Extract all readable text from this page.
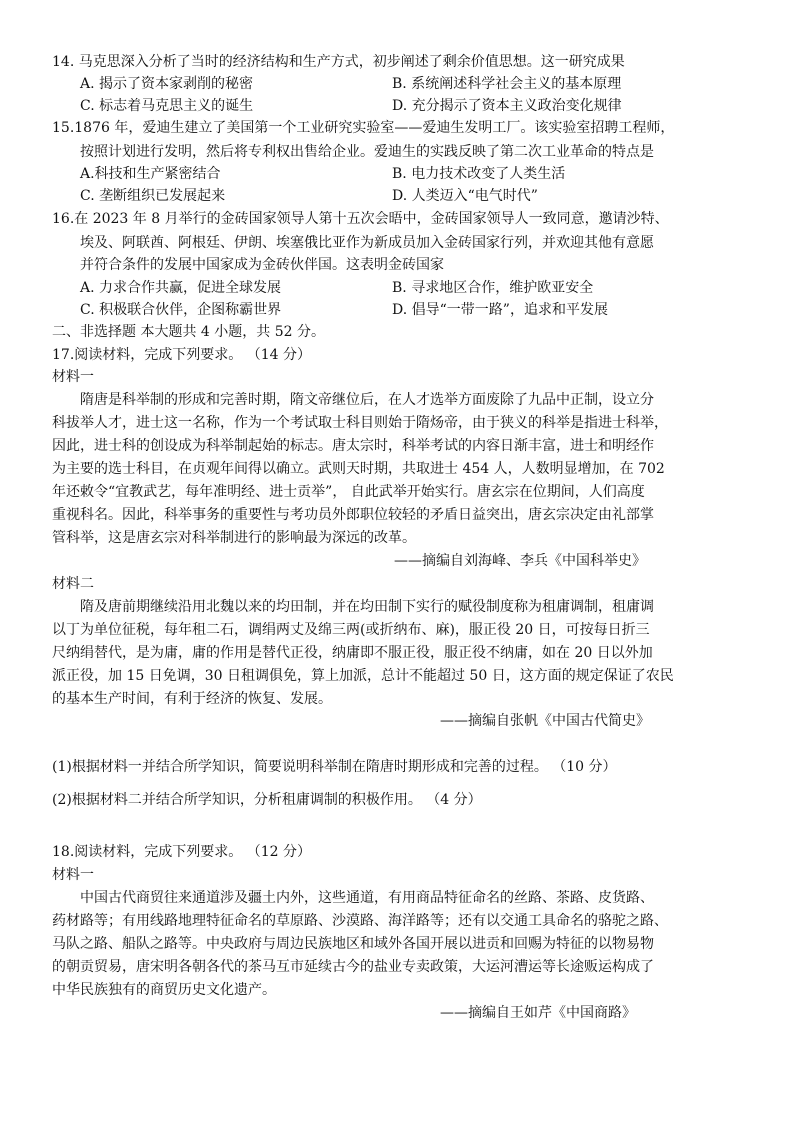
14. 马克思深入分析了当时的经济结构和生产方式，初步阐述了剩余价值思想。这一研究成果
A. 揭示了资本家剥削的秘密	B. 系统阐述科学社会主义的基本原理
C. 标志着马克思主义的诞生	D. 充分揭示了资本主义政治变化规律
15.1876 年，爱迪生建立了美国第一个工业研究实验室——爱迪生发明工厂。该实验室招聘工程师，
按照计划进行发明，然后将专利权出售给企业。爱迪生的实践反映了第二次工业革命的特点是
A.科技和生产紧密结合	B. 电力技术改变了人类生活
C. 垄断组织已发展起来	D. 人类迈入“电气时代”
16.在 2023 年 8 月举行的金砖国家领导人第十五次会晤中，金砖国家领导人一致同意，邀请沙特、
埃及、阿联酋、阿根廷、伊朗、埃塞俄比亚作为新成员加入金砖国家行列，并欢迎其他有意愿
并符合条件的发展中国家成为金砖伙伴国。这表明金砖国家
A. 力求合作共赢，促进全球发展	B. 寻求地区合作，维护欧亚安全
C. 积极联合伙伴，企图称霸世界	D. 倡导“一带一路”，追求和平发展
二、非选择题 本大题共 4 小题，共 52 分。
17.阅读材料，完成下列要求。 （14 分）
材料一
隋唐是科举制的形成和完善时期，隋文帝继位后，在人才选举方面废除了九品中正制，设立分
科拔举人才，进士这一名称，作为一个考试取士科目则始于隋炀帝，由于狭义的科举是指进士科举，
因此，进士科的创设成为科举制起始的标志。唐太宗时，科举考试的内容日渐丰富，进士和明经作
为主要的选士科目，在贞观年间得以确立。武则天时期，共取进士 454 人，人数明显增加，在 702
年还敕令“宜教武艺，每年准明经、进士贡举”， 自此武举开始实行。唐玄宗在位期间，人们高度
重视科名。因此，科举事务的重要性与考功员外郎职位较轻的矛盾日益突出，唐玄宗决定由礼部掌
管科举，这是唐玄宗对科举制进行的影响最为深远的改革。
——摘编自刘海峰、李兵《中国科举史》
材料二
隋及唐前期继续沿用北魏以来的均田制，并在均田制下实行的赋役制度称为租庸调制，租庸调
以丁为单位征税，每年租二石，调绢两丈及绵三两(或折纳布、麻)，服正役 20 日，可按每日折三
尺纳绢替代，是为庸，庸的作用是替代正役，纳庸即不服正役，服正役不纳庸，如在 20 日以外加
派正役，加 15 日免调，30 日租调俱免，算上加派，总计不能超过 50 日，这方面的规定保证了农民
的基本生产时间，有利于经济的恢复、发展。
——摘编自张帆《中国古代简史》
(1)根据材料一并结合所学知识，简要说明科举制在隋唐时期形成和完善的过程。 （10 分）
(2)根据材料二并结合所学知识，分析租庸调制的积极作用。 （4 分）
18.阅读材料，完成下列要求。 （12 分）
材料一
中国古代商贸往来通道涉及疆土内外，这些通道，有用商品特征命名的丝路、茶路、皮货路、
药材路等；有用线路地理特征命名的草原路、沙漠路、海洋路等；还有以交通工具命名的骆驼之路、
马队之路、船队之路等。中央政府与周边民族地区和域外各国开展以进贡和回赐为特征的以物易物
的朝贡贸易，唐宋明各朝各代的茶马互市延续古今的盐业专卖政策，大运河漕运等长途贩运构成了
中华民族独有的商贸历史文化遗产。
——摘编自王如芹《中国商路》
